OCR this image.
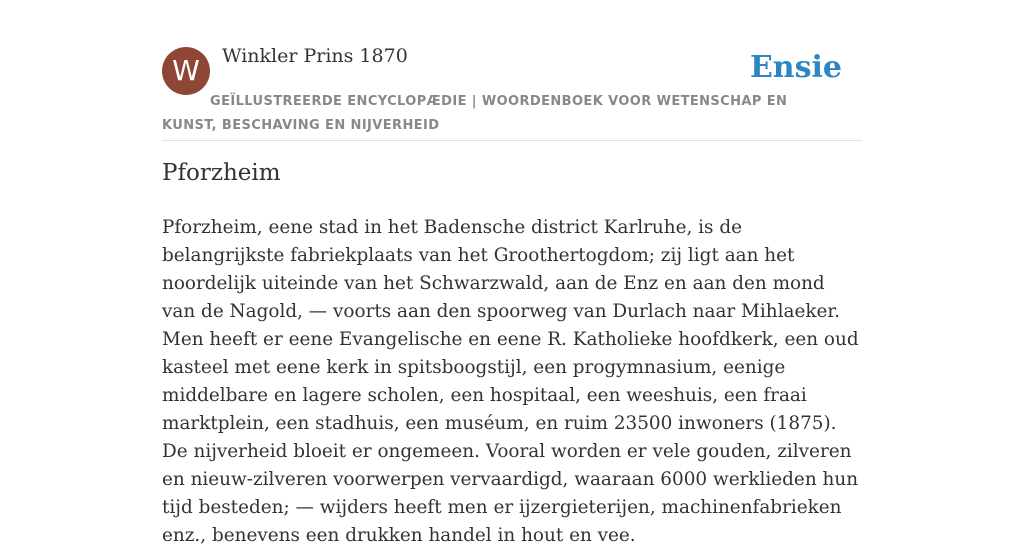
W	Winkler Prins 1870	Ensie
GEÏLLUSTREERDE ENCYCLOPÆDIE | WOORDENBOEK VOOR WETENSCHAP EN KUNST, BESCHAVING EN NIJVERHEID
Pforzheim

Pforzheim, eene stad in het Badensche district Karlruhe, is de belangrijkste fabriekplaats van het Groothertogdom; zij ligt aan het noordelijk uiteinde van het Schwarzwald, aan de Enz en aan den mond van de Nagold, — voorts aan den spoorweg van Durlach naar Mihlaeker. Men heeft er eene Evangelische en eene R. Katholieke hoofdkerk, een oud kasteel met eene kerk in spitsboogstijl, een progymnasium, eenige middelbare en lagere scholen, een hospitaal, een weeshuis, een fraai marktplein, een stadhuis, een muséum, en ruim 23500 inwoners (1875). De nijverheid bloeit er ongemeen. Vooral worden er vele gouden, zilveren en nieuw-zilveren voorwerpen vervaardigd, waaraan 6000 werklieden hun tijd besteden; — wijders heeft men er ijzergieterijen, machinenfabrieken enz., benevens een drukken handel in hout en vee.
